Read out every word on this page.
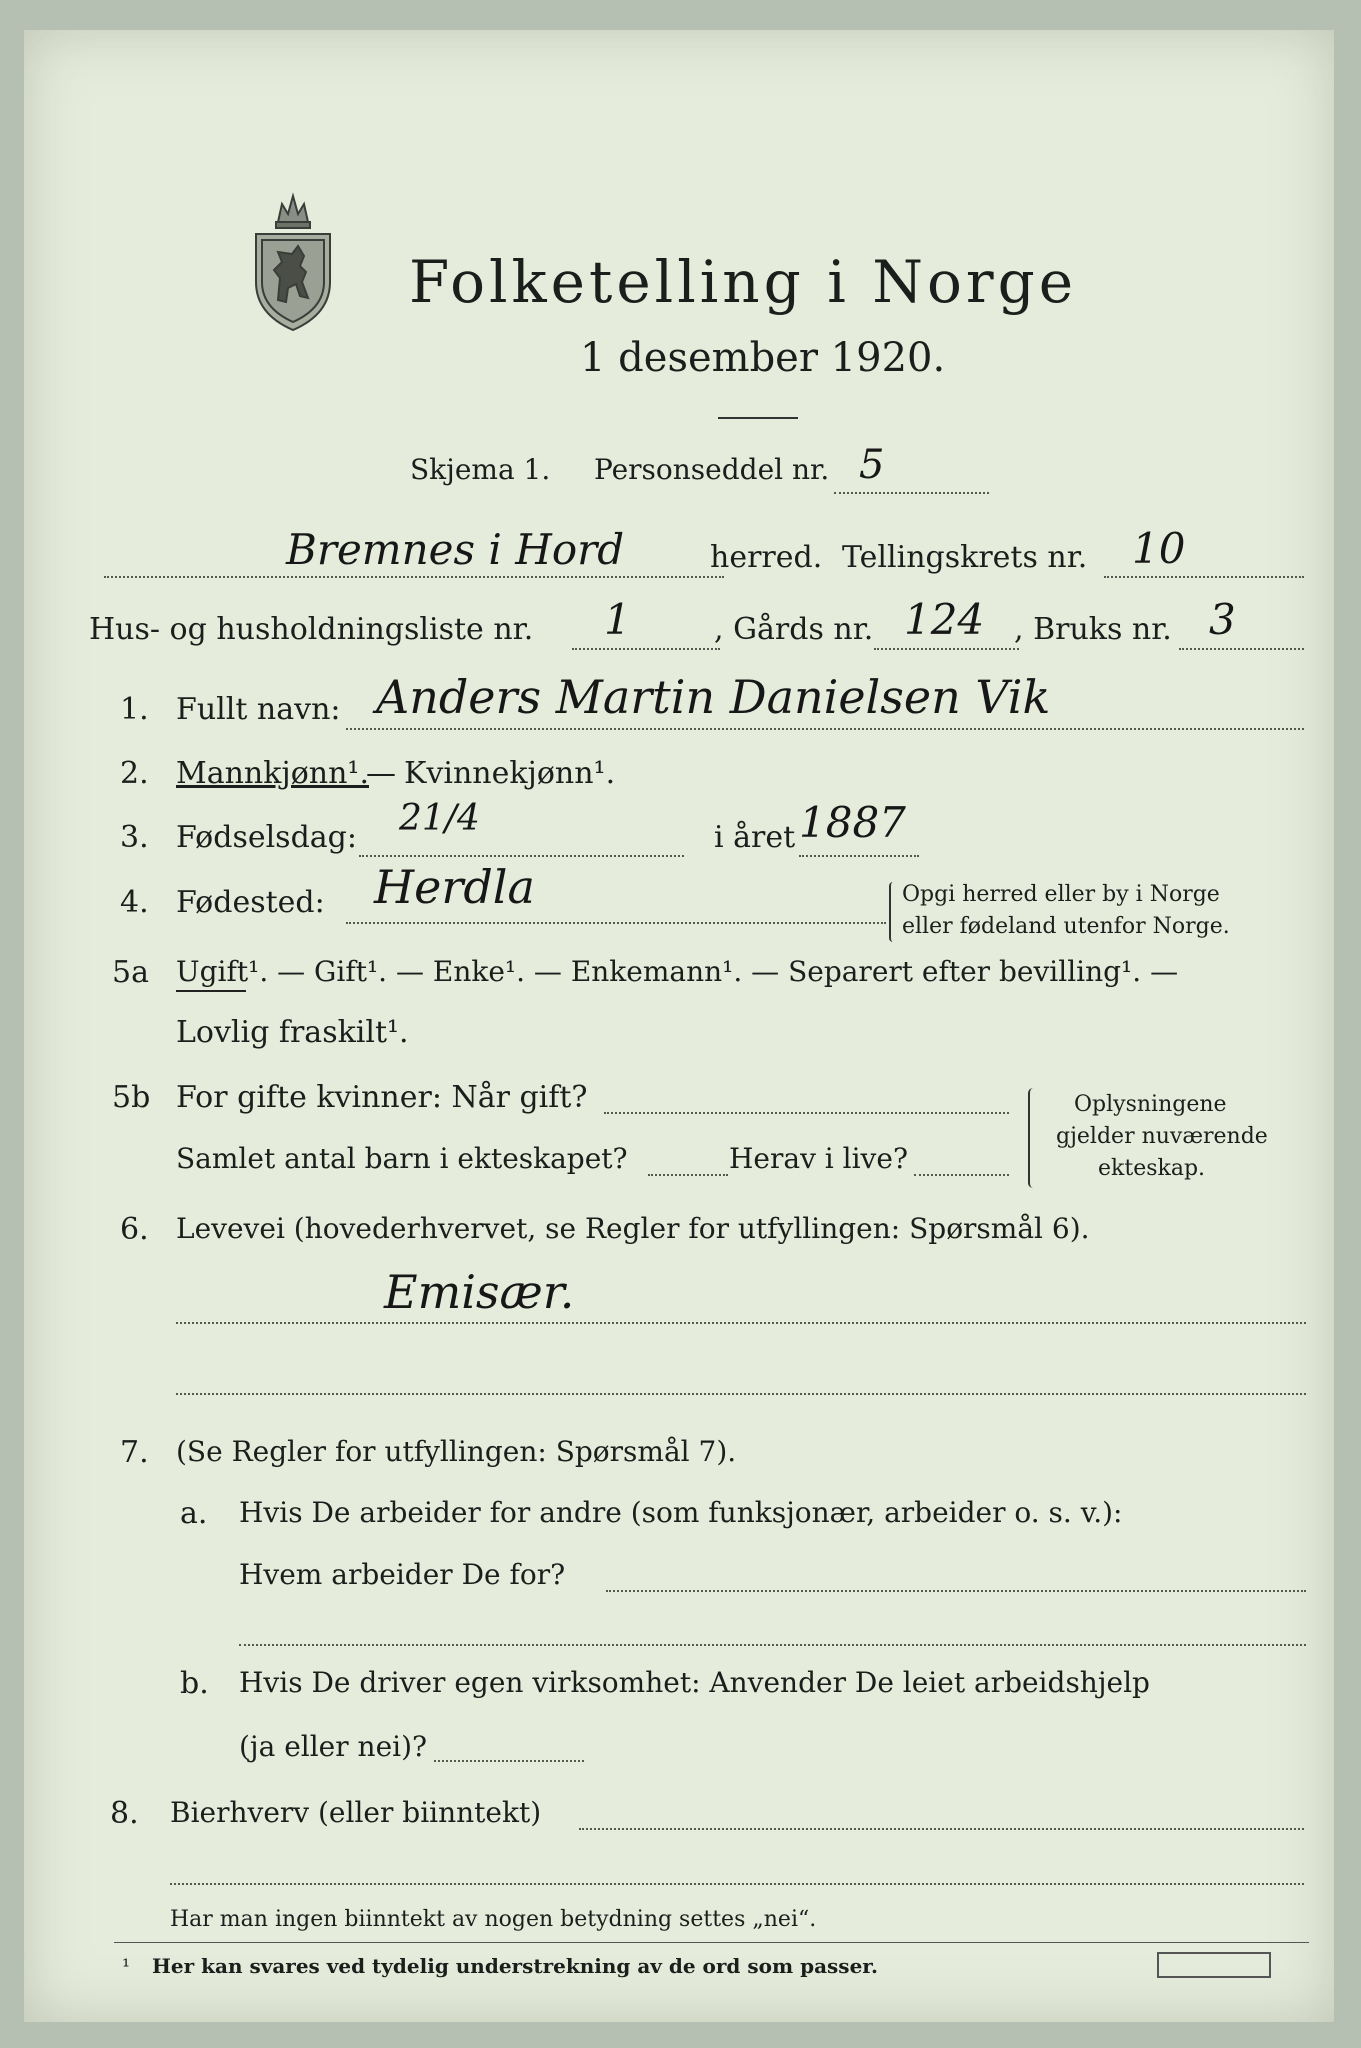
Folketelling i Norge
1 desember 1920.
Skjema 1. Personseddel nr. 5
Bremnes i Hord	herred. Tellingskrets nr. 10
Hus- og husholdningsliste nr. 1	, Gårds nr. 124 , Bruks nr. 3
1. Fullt navn: Anders Martin Danielsen Vik
2. Mannkjønn¹.
— Kvinnekjønn¹.
3. Fødselsdag: 21/4	i året 1887
4. Fødested: Herdla	Opgi herred eller by i Norge
eller fødeland utenfor Norge.
5a Ugift¹. — Gift¹. — Enke¹. — Enkemann¹. — Separert efter bevilling¹. —
Lovlig fraskilt¹.
5b For gifte kvinner: Når gift?
Samlet antal barn i ekteskapet?	Herav i live?
Oplysningene
gjelder nuværende
ekteskap.
6. Levevei (hovederhvervet, se Regler for utfyllingen: Spørsmål 6).
Emisær.
7. (Se Regler for utfyllingen: Spørsmål 7).
a. Hvis De arbeider for andre (som funksjonær, arbeider o. s. v.):
Hvem arbeider De for?
b. Hvis De driver egen virksomhet: Anvender De leiet arbeidshjelp
(ja eller nei)?
8. Bierhverv (eller biinntekt)
Har man ingen biinntekt av nogen betydning settes „nei“.
¹ Her kan svares ved tydelig understrekning av de ord som passer.
